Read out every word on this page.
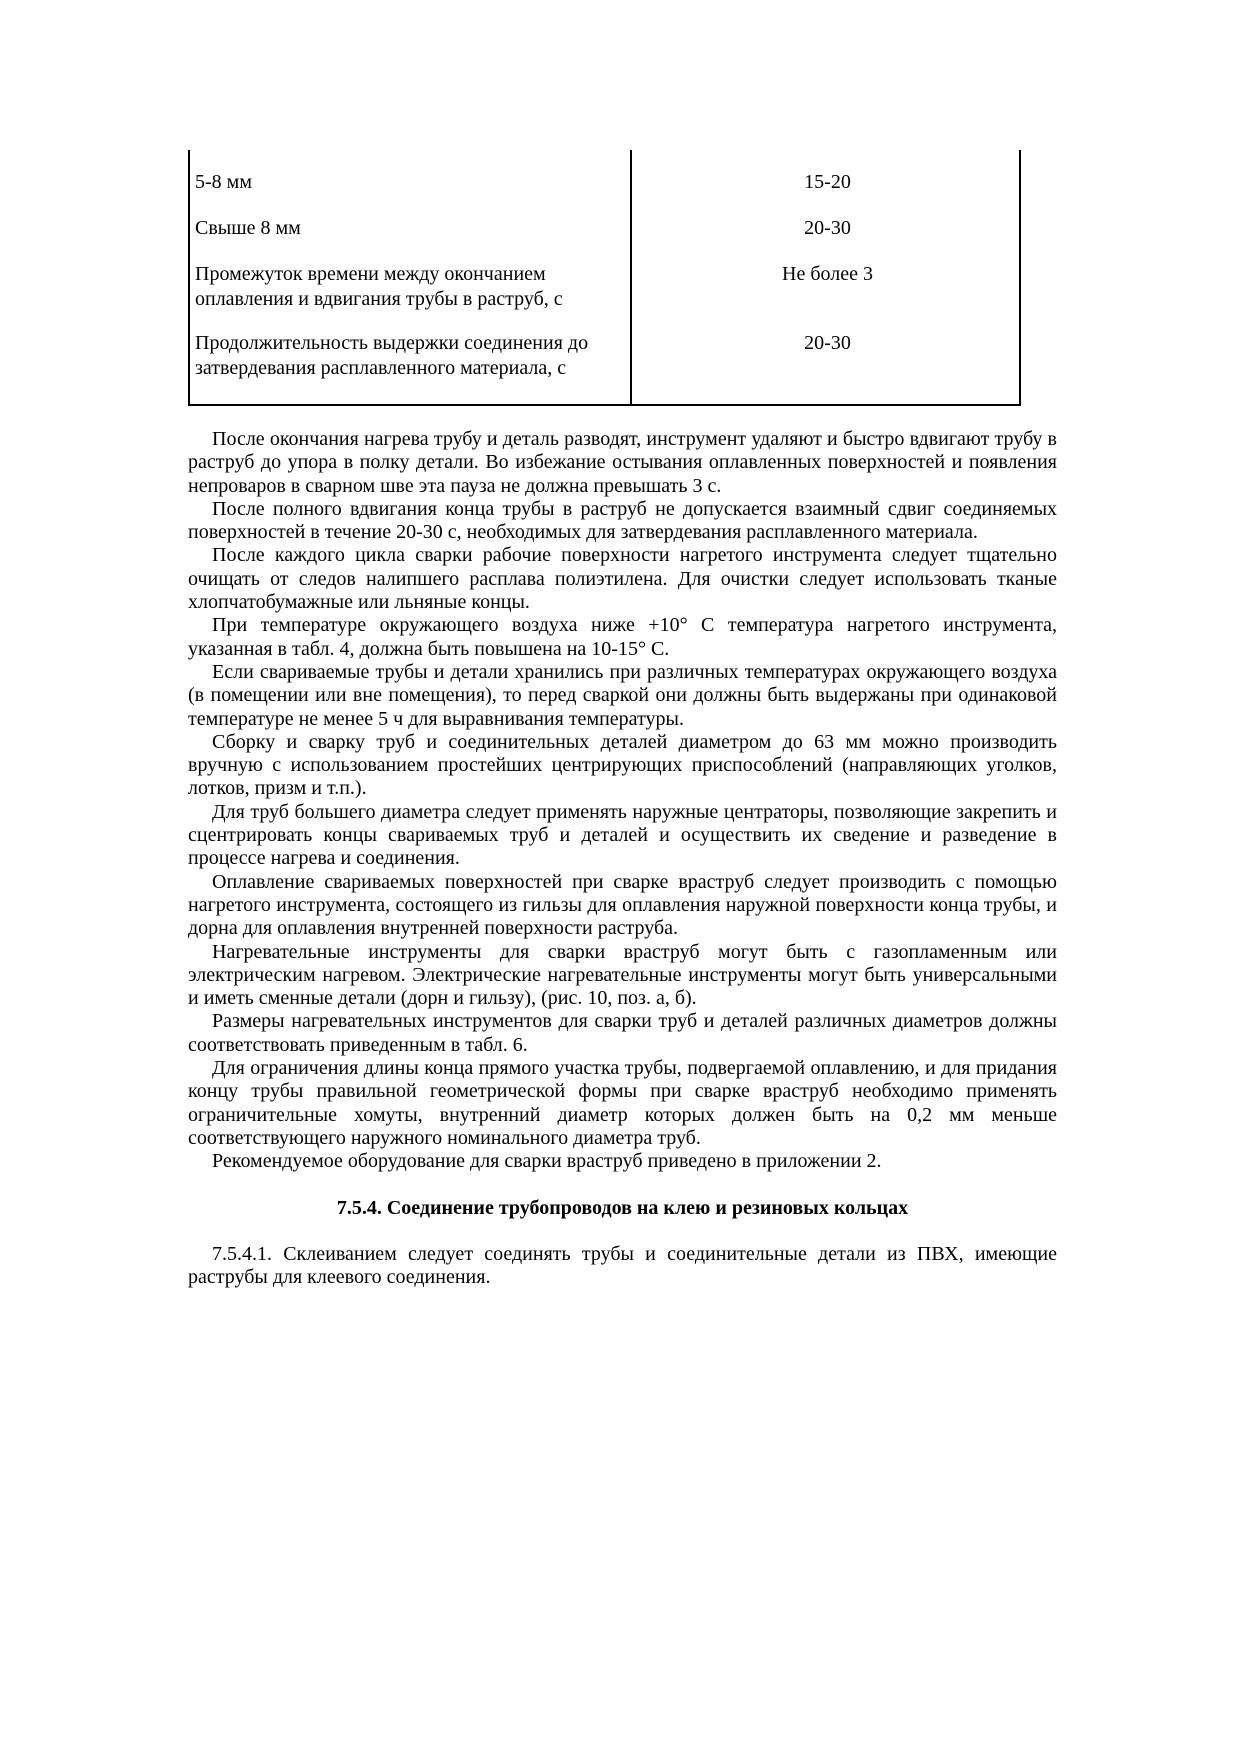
5-8 мм	15-20
Свыше 8 мм	20-30
Промежуток времени между окончанием оплавления и вдвигания трубы в раструб, с
Не более 3
Продолжительность выдержки соединения до затвердевания расплавленного материала, с
20-30

После окончания нагрева трубу и деталь разводят, инструмент удаляют и быстро вдвигают трубу в раструб до упора в полку детали. Во избежание остывания оплавленных поверхностей и появления непроваров в сварном шве эта пауза не должна превышать 3 с.

После полного вдвигания конца трубы в раструб не допускается взаимный сдвиг соединяемых поверхностей в течение 20-30 с, необходимых для затвердевания расплавленного материала.

После каждого цикла сварки рабочие поверхности нагретого инструмента следует тщательно очищать от следов налипшего расплава полиэтилена. Для очистки следует использовать тканые хлопчатобумажные или льняные концы.

При температуре окружающего воздуха ниже +10° С температура нагретого инструмента, указанная в табл. 4, должна быть повышена на 10-15° С.

Если свариваемые трубы и детали хранились при различных температурах окружающего воздуха (в помещении или вне помещения), то перед сваркой они должны быть выдержаны при одинаковой температуре не менее 5 ч для выравнивания температуры.

Сборку и сварку труб и соединительных деталей диаметром до 63 мм можно производить вручную с использованием простейших центрирующих приспособлений (направляющих уголков, лотков, призм и т.п.).

Для труб большего диаметра следует применять наружные центраторы, позволяющие закрепить и сцентрировать концы свариваемых труб и деталей и осуществить их сведение и разведение в процессе нагрева и соединения.

Оплавление свариваемых поверхностей при сварке враструб следует производить с помощью нагретого инструмента, состоящего из гильзы для оплавления наружной поверхности конца трубы, и дорна для оплавления внутренней поверхности раструба.

Нагревательные инструменты для сварки враструб могут быть с газопламенным или электрическим нагревом. Электрические нагревательные инструменты могут быть универсальными и иметь сменные детали (дорн и гильзу), (рис. 10, поз. а, б).

Размеры нагревательных инструментов для сварки труб и деталей различных диаметров должны соответствовать приведенным в табл. 6.

Для ограничения длины конца прямого участка трубы, подвергаемой оплавлению, и для придания концу трубы правильной геометрической формы при сварке враструб необходимо применять ограничительные хомуты, внутренний диаметр которых должен быть на 0,2 мм меньше соответствующего наружного номинального диаметра труб.

Рекомендуемое оборудование для сварки враструб приведено в приложении 2.

7.5.4. Соединение трубопроводов на клею и резиновых кольцах

7.5.4.1. Склеиванием следует соединять трубы и соединительные детали из ПВХ, имеющие раструбы для клеевого соединения.
